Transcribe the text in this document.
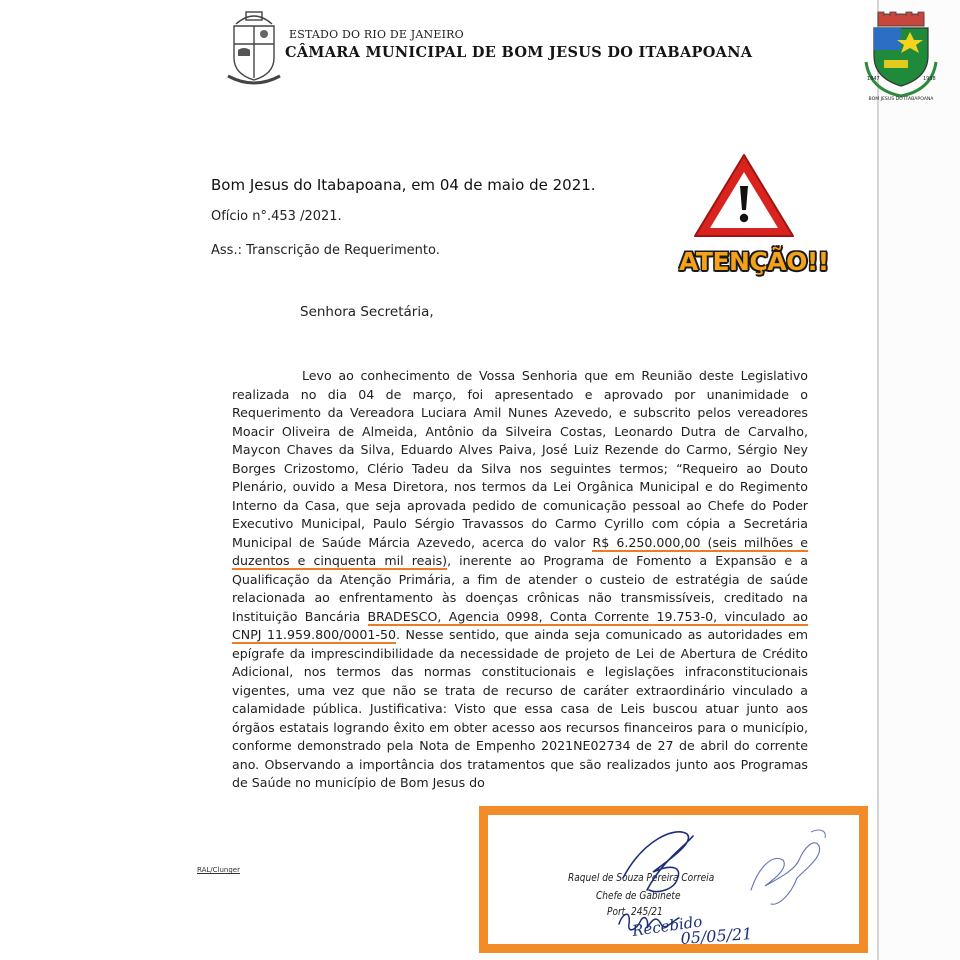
ESTADO DO RIO DE JANEIRO
CÂMARA MUNICIPAL DE BOM JESUS DO ITABAPOANA
1847	1938
BOM JESUS DO ITABAPOANA
ATENÇÃO!!
Bom Jesus do Itabapoana, em 04 de maio de 2021.
Ofício n°.453 /2021.
Ass.: Transcrição de Requerimento.
Senhora Secretária,

Levo ao conhecimento de Vossa Senhoria que em Reunião deste Legislativo realizada no dia 04 de março, foi apresentado e aprovado por unanimidade o Requerimento da Vereadora Luciara Amil Nunes Azevedo, e subscrito pelos vereadores Moacir Oliveira de Almeida, Antônio da Silveira Costas, Leonardo Dutra de Carvalho, Maycon Chaves da Silva, Eduardo Alves Paiva, José Luiz Rezende do Carmo, Sérgio Ney Borges Crizostomo, Clério Tadeu da Silva nos seguintes termos; “Requeiro ao Douto Plenário, ouvido a Mesa Diretora, nos termos da Lei Orgânica Municipal e do Regimento Interno da Casa, que seja aprovada pedido de comunicação pessoal ao Chefe do Poder Executivo Municipal, Paulo Sérgio Travassos do Carmo Cyrillo com cópia a Secretária Municipal de Saúde Márcia Azevedo, acerca do valor R$ 6.250.000,00 (seis milhões e duzentos e cinquenta mil reais), inerente ao Programa de Fomento a Expansão e a Qualificação da Atenção Primária, a fim de atender o custeio de estratégia de saúde relacionada ao enfrentamento às doenças crônicas não transmissíveis, creditado na Instituição Bancária BRADESCO, Agencia 0998, Conta Corrente 19.753-0, vinculado ao CNPJ 11.959.800/0001-50. Nesse sentido, que ainda seja comunicado as autoridades em epígrafe da imprescindibilidade da necessidade de projeto de Lei de Abertura de Crédito Adicional, nos termos das normas constitucionais e legislações infraconstitucionais vigentes, uma vez que não se trata de recurso de caráter extraordinário vinculado a calamidade pública. Justificativa: Visto que essa casa de Leis buscou atuar junto aos órgãos estatais logrando êxito em obter acesso aos recursos financeiros para o município, conforme demonstrado pela Nota de Empenho 2021NE02734 de 27 de abril do corrente ano. Observando a importância dos tratamentos que são realizados junto aos Programas de Saúde no município de Bom Jesus do

RAL/Clunger
Raquel de Souza Pereira Correia
Chefe de Gabinete
Port. 245/21
Recebido
05/05/21
